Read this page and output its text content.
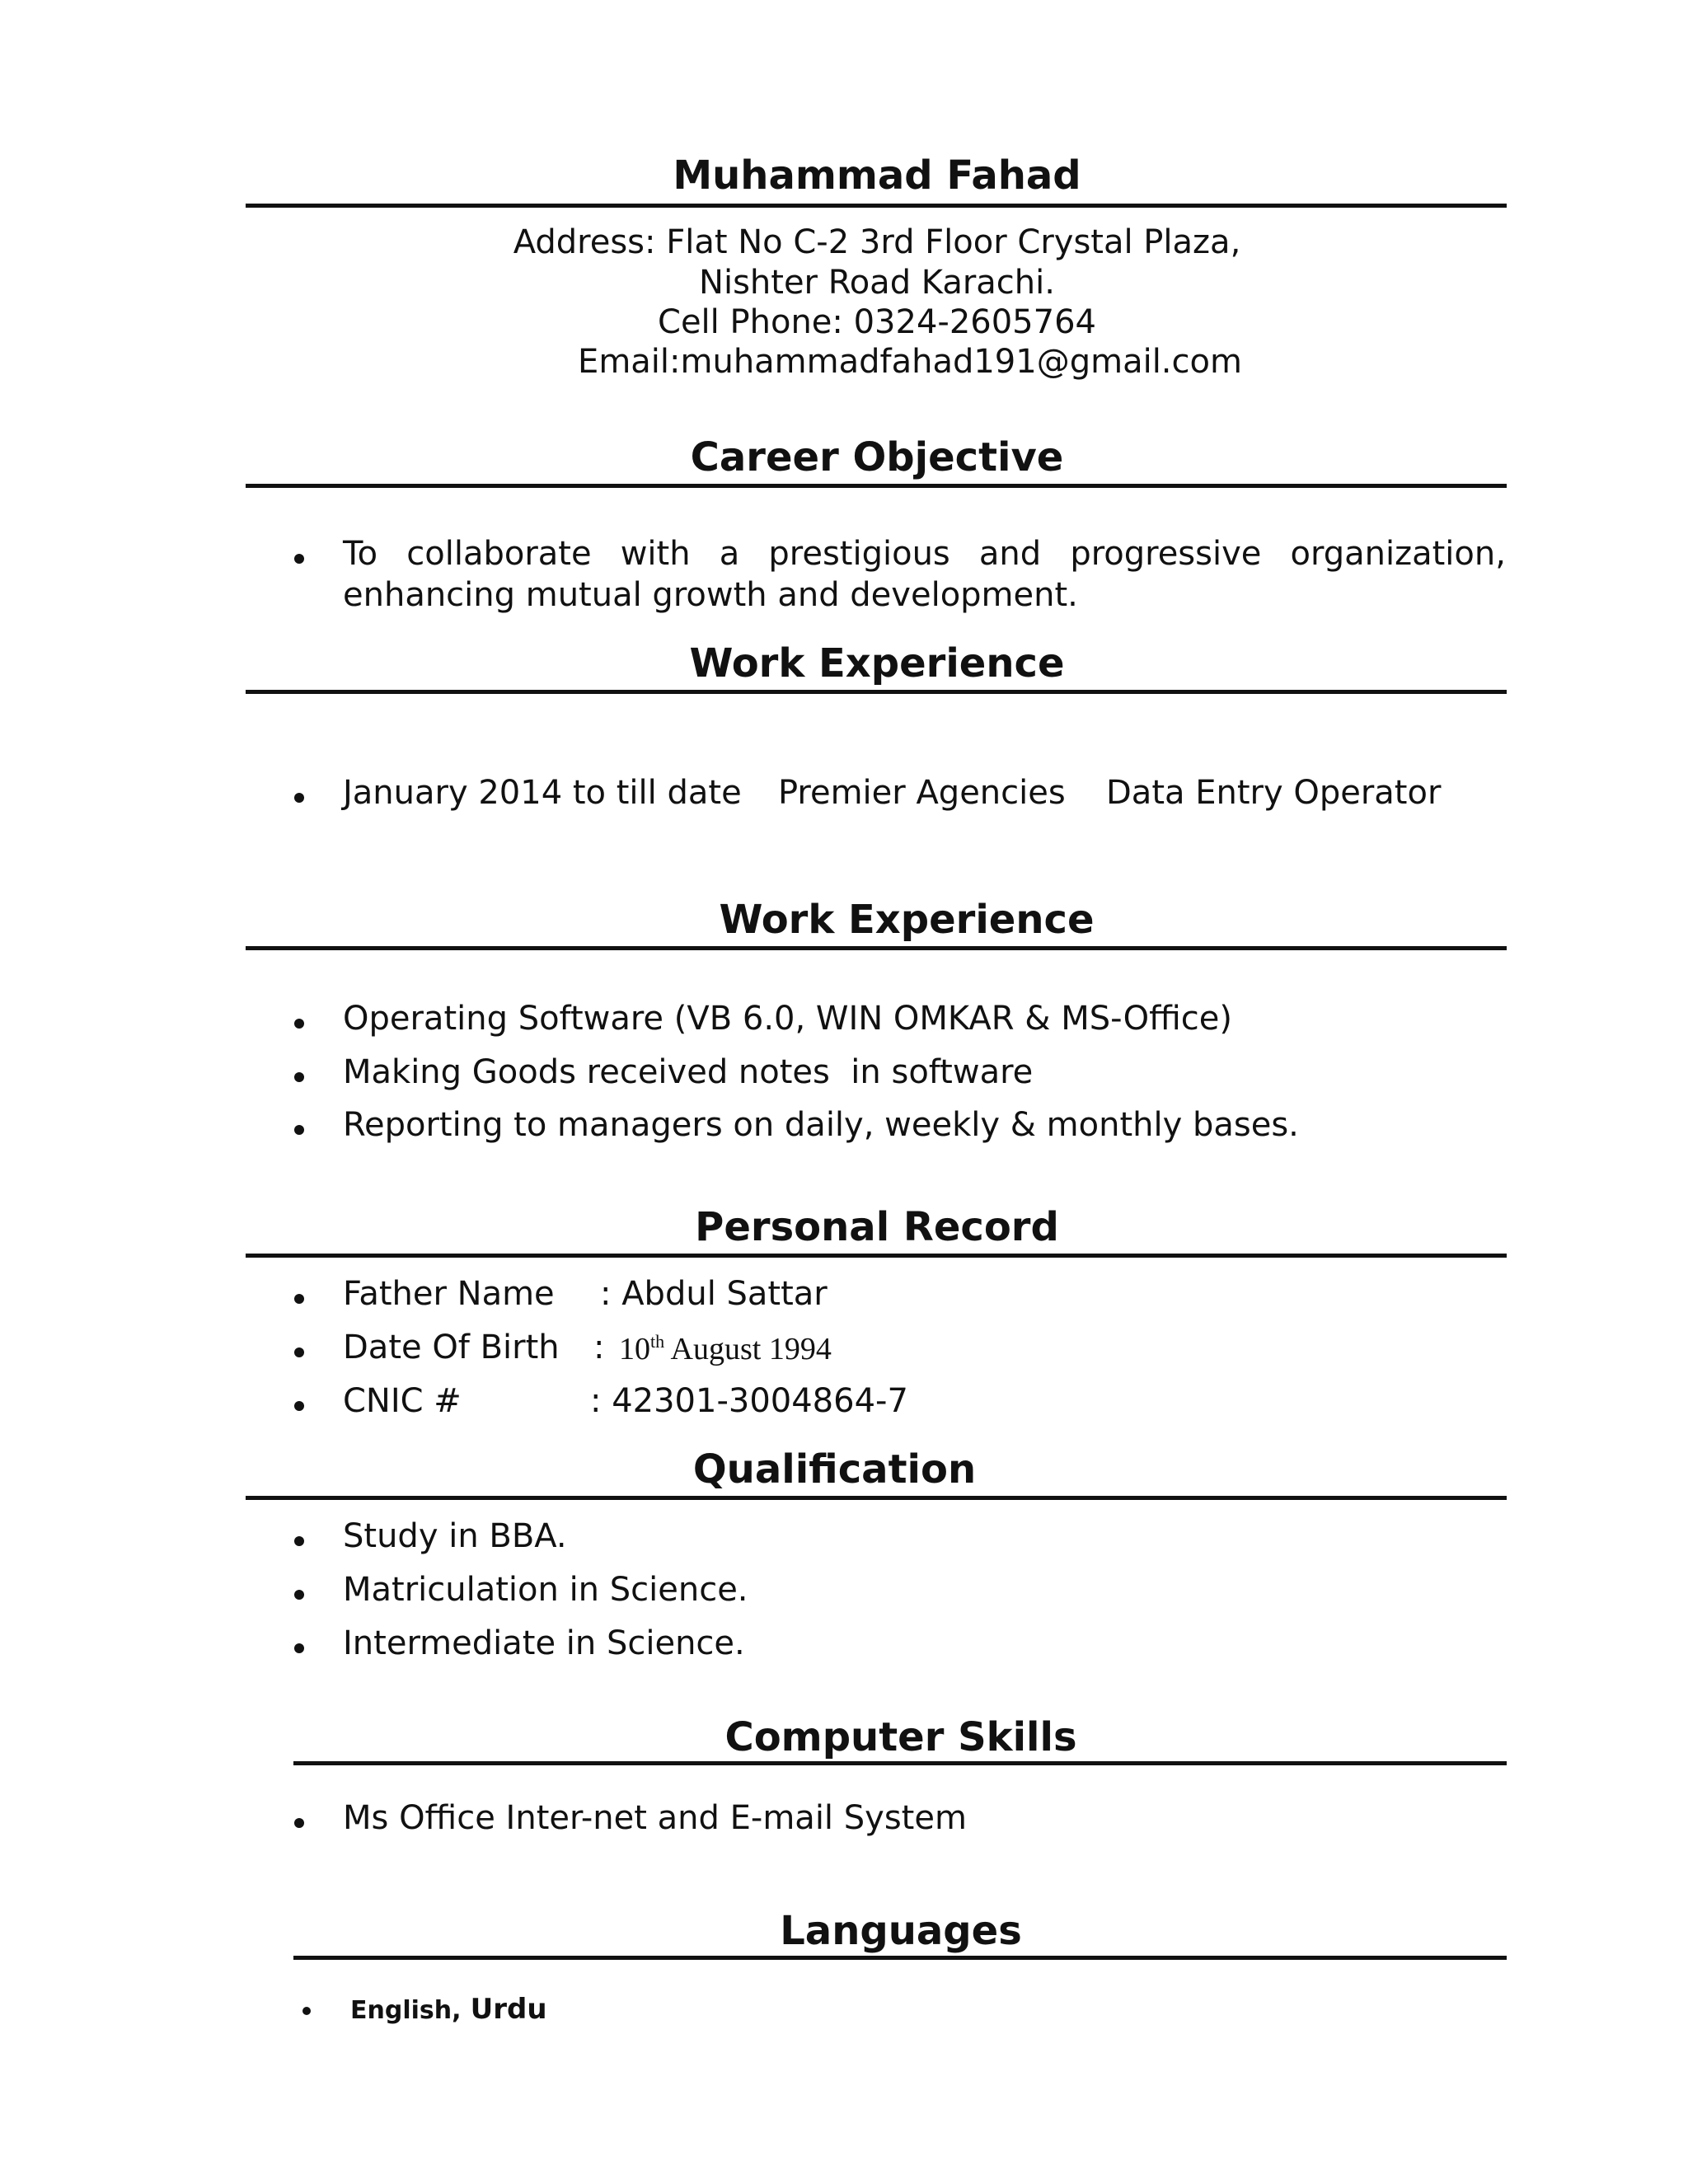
Muhammad Fahad
Address: Flat No C-2 3rd Floor Crystal Plaza,
Nishter Road Karachi.
Cell Phone: 0324-2605764
Email:muhammadfahad191@gmail.com
Career Objective
To collaborate with a prestigious and progressive organization,
enhancing mutual growth and development.
Work Experience
January 2014 to till date Premier Agencies Data Entry Operator
Work Experience
Operating Software (VB 6.0, WIN OMKAR & MS-Office)
Making Goods received notes  in software
Reporting to managers on daily, weekly & monthly bases.
Personal Record
Father Name : Abdul Sattar
Date Of Birth : 10th August 1994
CNIC #	: 42301-3004864-7
Qualification
Study in BBA.
Matriculation in Science.
Intermediate in Science.
Computer Skills
Ms Office Inter-net and E-mail System
Languages
English, Urdu
